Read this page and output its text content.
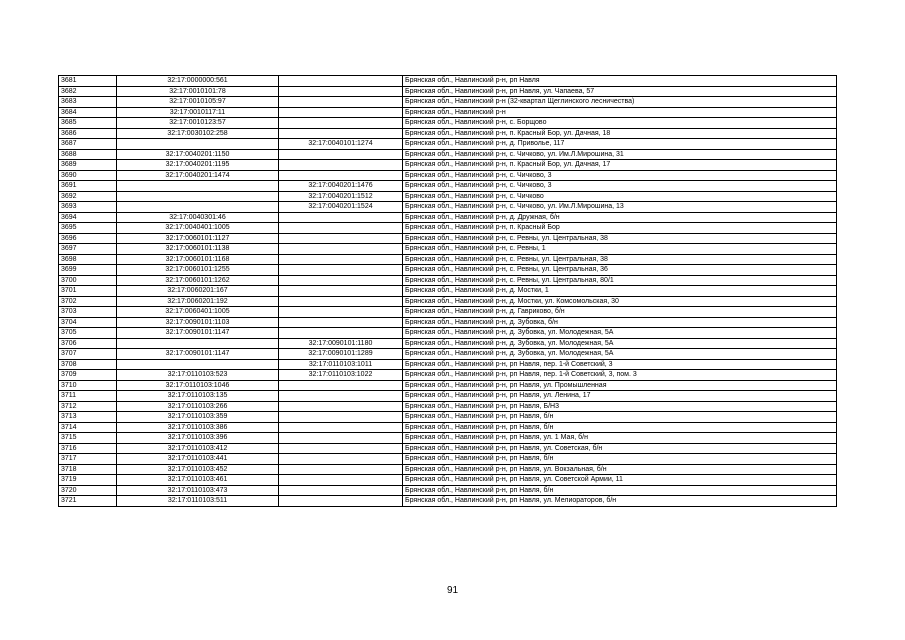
3681	32:17:0000000:561		Брянская обл., Навлинский р-н, рп Навля
3682	32:17:0010101:78		Брянская обл., Навлинский р-н, рп Навля, ул. Чапаева, 57
3683	32:17:0010105:97		Брянская обл., Навлинский р-н (32-квартал Щеглинского лесничества)
3684	32:17:0010117:11		Брянская обл., Навлинский р-н
3685	32:17:0010123:57		Брянская обл., Навлинский р-н, с. Борщово
3686	32:17:0030102:258		Брянская обл., Навлинский р-н, п. Красный Бор, ул. Дачная, 18
3687		32:17:0040101:1274	Брянская обл., Навлинский р-н, д. Привольe, 117
3688	32:17:0040201:1150		Брянская обл., Навлинский р-н, с. Чичково, ул. Им.Л.Мирошина, 31
3689	32:17:0040201:1195		Брянская обл., Навлинский р-н, п. Красный Бор, ул. Дачная, 17
3690	32:17:0040201:1474		Брянская обл., Навлинский р-н, с. Чичково, 3
3691		32:17:0040201:1476	Брянская обл., Навлинский р-н, с. Чичково, 3
3692		32:17:0040201:1512	Брянская обл., Навлинский р-н, с. Чичково
3693		32:17:0040201:1524	Брянская обл., Навлинский р-н, с. Чичково, ул. Им.Л.Мирошина, 13
3694	32:17:0040301:46		Брянская обл., Навлинский р-н, д. Дружная, б/н
3695	32:17:0040401:1005		Брянская обл., Навлинский р-н, п. Красный Бор
3696	32:17:0060101:1127		Брянская обл., Навлинский р-н, с. Ревны, ул. Центральная, 38
3697	32:17:0060101:1138		Брянская обл., Навлинский р-н, с. Ревны, 1
3698	32:17:0060101:1168		Брянская обл., Навлинский р-н, с. Ревны, ул. Центральная, 38
3699	32:17:0060101:1255		Брянская обл., Навлинский р-н, с. Ревны, ул. Центральная, 36
3700	32:17:0060101:1262		Брянская обл., Навлинский р-н, с. Ревны, ул. Центральная, 80/1
3701	32:17:0060201:167		Брянская обл., Навлинский р-н, д. Мостки, 1
3702	32:17:0060201:192		Брянская обл., Навлинский р-н, д. Мостки, ул. Комсомольская, 30
3703	32:17:0060401:1005		Брянская обл., Навлинский р-н, д. Гавриково, б/н
3704	32:17:0090101:1103		Брянская обл., Навлинский р-н, д. Зубовка, б/н
3705	32:17:0090101:1147		Брянская обл., Навлинский р-н, д. Зубовка, ул. Молодежная, 5А
3706		32:17:0090101:1180	Брянская обл., Навлинский р-н, д. Зубовка, ул. Молодежная, 5А
3707	32:17:0090101:1147	32:17:0090101:1289	Брянская обл., Навлинский р-н, д. Зубовка, ул. Молодежная, 5А
3708		32:17:0110103:1011	Брянская обл., Навлинский р-н, рп Навля, пер. 1-й Советский, 3
3709	32:17:0110103:523	32:17:0110103:1022	Брянская обл., Навлинский р-н, рп Навля, пер. 1-й Советский, 3, пом. 3
3710	32:17:0110103:1046		Брянская обл., Навлинский р-н, рп Навля, ул. Промышленная
3711	32:17:0110103:135		Брянская обл., Навлинский р-н, рп Навля, ул. Ленина, 17
3712	32:17:0110103:266		Брянская обл., Навлинский р-н, рп Навля, Б/Н3
3713	32:17:0110103:359		Брянская обл., Навлинский р-н, рп Навля, б/н
3714	32:17:0110103:386		Брянская обл., Навлинский р-н, рп Навля, б/н
3715	32:17:0110103:396		Брянская обл., Навлинский р-н, рп Навля, ул. 1 Мая, б/н
3716	32:17:0110103:412		Брянская обл., Навлинский р-н, рп Навля, ул. Советская, б/н
3717	32:17:0110103:441		Брянская обл., Навлинский р-н, рп Навля, б/н
3718	32:17:0110103:452		Брянская обл., Навлинский р-н, рп Навля, ул. Вокзальная, б/н
3719	32:17:0110103:461		Брянская обл., Навлинский р-н, рп Навля, ул. Советской Армии, 11
3720	32:17:0110103:473		Брянская обл., Навлинский р-н, рп Навля, б/н
3721	32:17:0110103:511		Брянская обл., Навлинский р-н, рп Навля, ул. Мелиораторов, б/н
91
